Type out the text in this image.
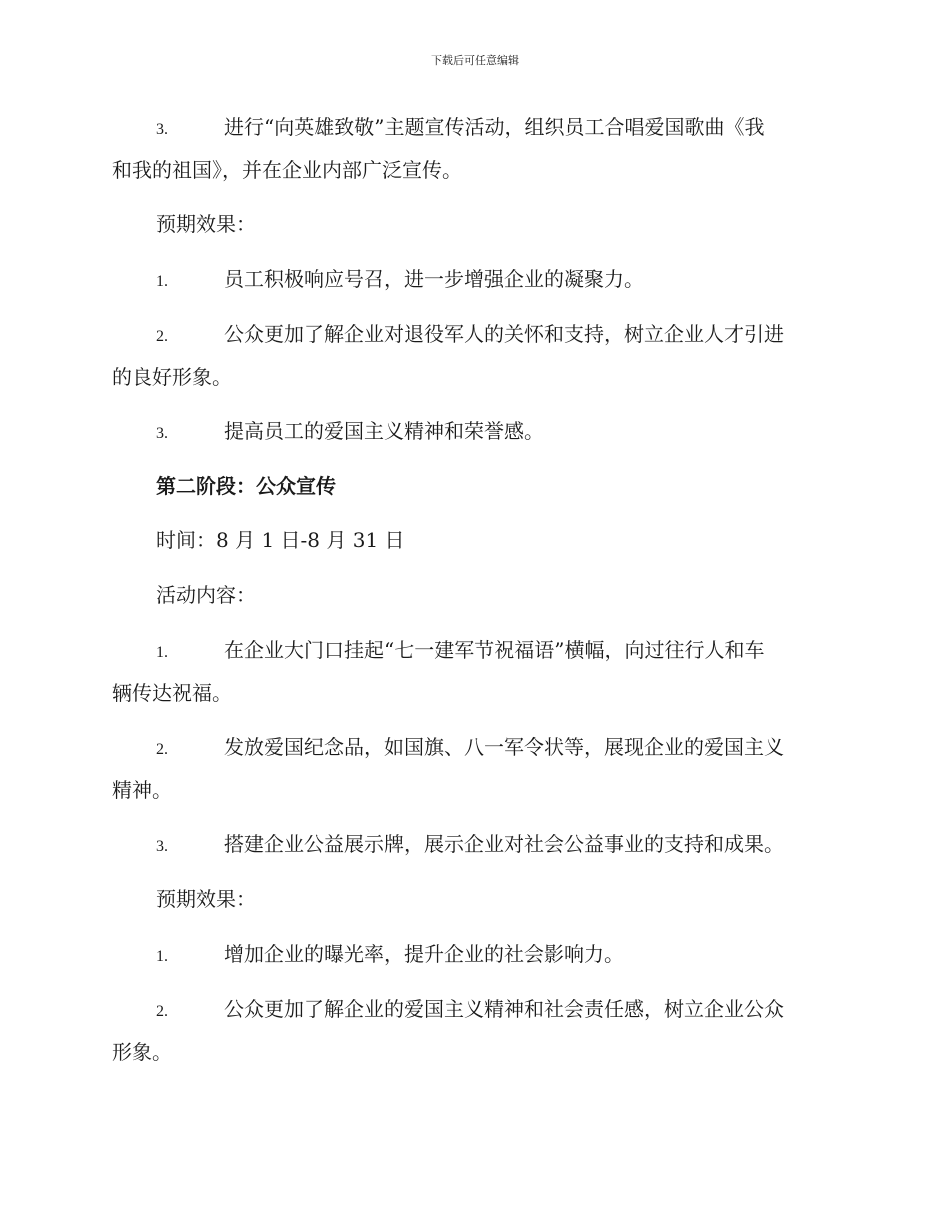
下载后可任意编辑
3.	进行“向英雄致敬”主题宣传活动，组织员工合唱爱国歌曲《我
和我的祖国》，并在企业内部广泛宣传。
预期效果：
1.	员工积极响应号召，进一步增强企业的凝聚力。
2.	公众更加了解企业对退役军人的关怀和支持，树立企业人才引进
的良好形象。
3.	提高员工的爱国主义精神和荣誉感。
第二阶段：公众宣传
时间：8 月 1 日-8 月 31 日
活动内容：
1.	在企业大门口挂起“七一建军节祝福语”横幅，向过往行人和车
辆传达祝福。
2.	发放爱国纪念品，如国旗、八一军令状等，展现企业的爱国主义
精神。
3.	搭建企业公益展示牌，展示企业对社会公益事业的支持和成果。
预期效果：
1.	增加企业的曝光率，提升企业的社会影响力。
2.	公众更加了解企业的爱国主义精神和社会责任感，树立企业公众
形象。
